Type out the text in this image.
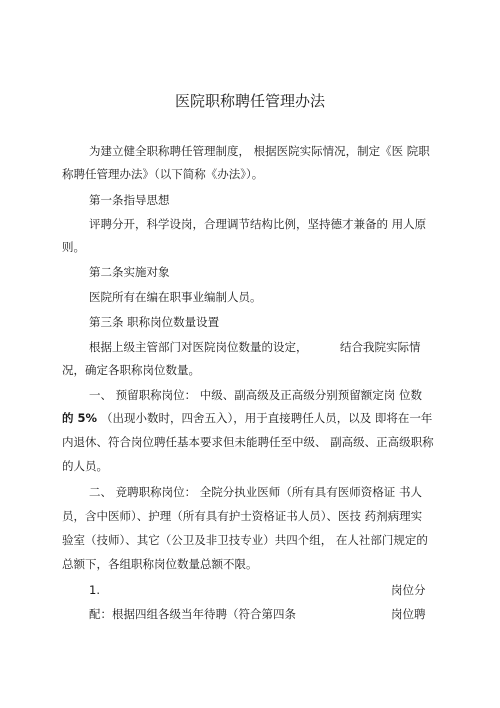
医院职称聘任管理办法
为建立健全职称聘任管理制度， 根据医院实际情况，制定《医 院职
称聘任管理办法》（以下简称《办法》）。
第一条指导思想
评聘分开，科学设岗，合理调节结构比例，坚持德才兼备的 用人原
则。
第二条实施对象
医院所有在编在职事业编制人员。
第三条 职称岗位数量设置
根据上级主管部门对医院岗位数量的设定，	结合我院实际情
况，确定各职称岗位数量。
一、 预留职称岗位： 中级、副高级及正高级分别预留额定岗 位数
的 5% （出现小数时，四舍五入），用于直接聘任人员，以及 即将在一年
内退休、符合岗位聘任基本要求但未能聘任至中级、 副高级、正高级职称
的人员。
二、 竞聘职称岗位： 全院分执业医师（所有具有医师资格证 书人
员，含中医师）、护理（所有具有护士资格证书人员）、医技 药剂病理实
验室（技师）、其它（公卫及非卫技专业）共四个组， 在人社部门规定的
总额下，各组职称岗位数量总额不限。
1.	岗位分
配：根据四组各级当年待聘（符合第四条	岗位聘
